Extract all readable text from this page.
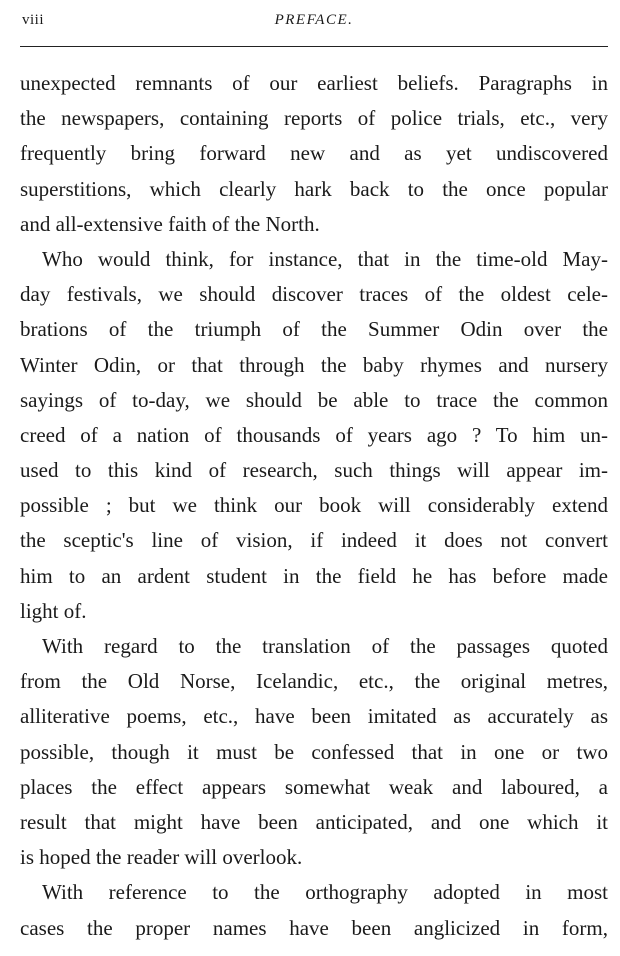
viii	PREFACE.

unexpected remnants of our earliest beliefs. Paragraphs in
the newspapers, containing reports of police trials, etc., very
frequently bring forward new and as yet undiscovered
superstitions, which clearly hark back to the once popular
and all-extensive faith of the North.

Who would think, for instance, that in the time-old May-
day festivals, we should discover traces of the oldest cele-
brations of the triumph of the Summer Odin over the
Winter Odin, or that through the baby rhymes and nursery
sayings of to-day, we should be able to trace the common
creed of a nation of thousands of years ago ? To him un-
used to this kind of research, such things will appear im-
possible ; but we think our book will considerably extend
the sceptic's line of vision, if indeed it does not convert
him to an ardent student in the field he has before made
light of.

With regard to the translation of the passages quoted
from the Old Norse, Icelandic, etc., the original metres,
alliterative poems, etc., have been imitated as accurately as
possible, though it must be confessed that in one or two
places the effect appears somewhat weak and laboured, a
result that might have been anticipated, and one which it
is hoped the reader will overlook.

With reference to the orthography adopted in most
cases the proper names have been anglicized in form,
